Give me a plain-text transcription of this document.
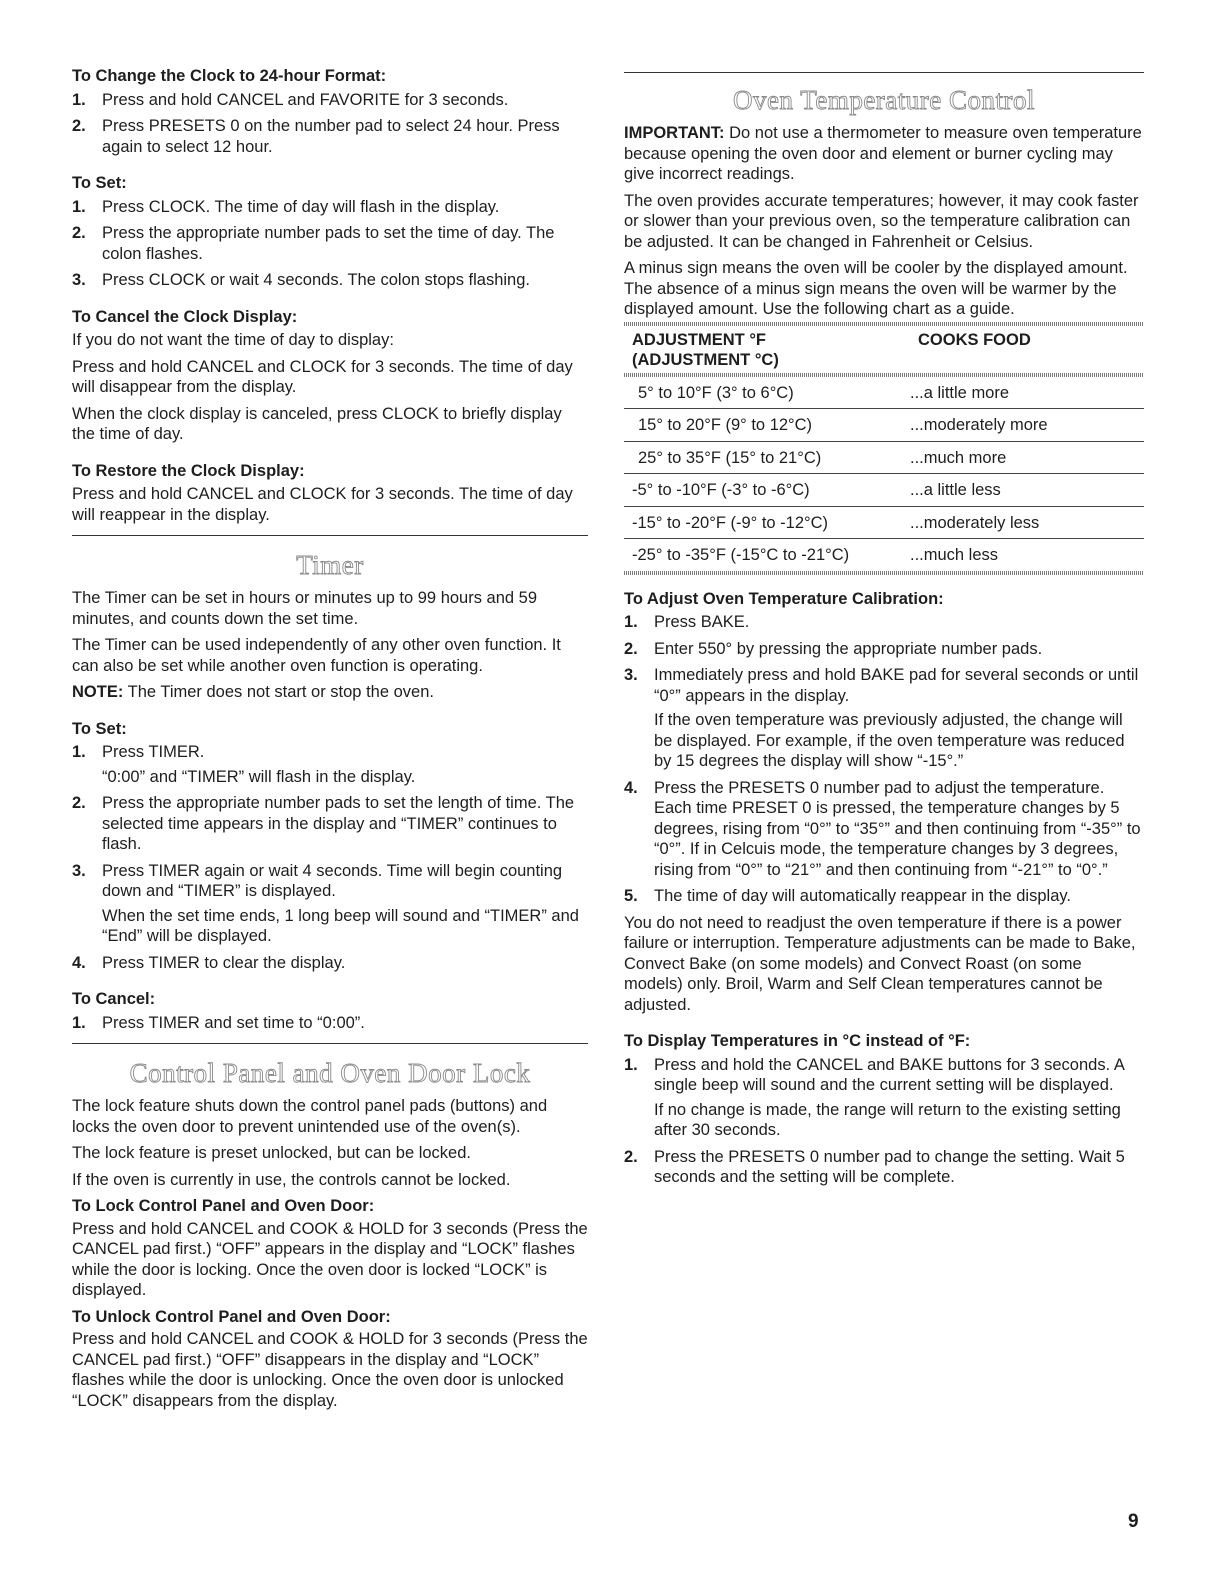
To Change the Clock to 24-hour Format:
1. Press and hold CANCEL and FAVORITE for 3 seconds.
2. Press PRESETS 0 on the number pad to select 24 hour. Press again to select 12 hour.
To Set:
1. Press CLOCK. The time of day will flash in the display.
2. Press the appropriate number pads to set the time of day. The colon flashes.
3. Press CLOCK or wait 4 seconds. The colon stops flashing.
To Cancel the Clock Display:

If you do not want the time of day to display:

Press and hold CANCEL and CLOCK for 3 seconds. The time of day will disappear from the display.

When the clock display is canceled, press CLOCK to briefly display the time of day.

To Restore the Clock Display:

Press and hold CANCEL and CLOCK for 3 seconds. The time of day will reappear in the display.

Timer

The Timer can be set in hours or minutes up to 99 hours and 59 minutes, and counts down the set time.

The Timer can be used independently of any other oven function. It can also be set while another oven function is operating.

NOTE: The Timer does not start or stop the oven.

To Set:
1. Press TIMER.
“0:00” and “TIMER” will flash in the display.
2. Press the appropriate number pads to set the length of time. The selected time appears in the display and “TIMER” continues to flash.
3. Press TIMER again or wait 4 seconds. Time will begin counting down and “TIMER” is displayed.
When the set time ends, 1 long beep will sound and “TIMER” and “End” will be displayed.
4. Press TIMER to clear the display.
To Cancel:
1. Press TIMER and set time to “0:00”.
Control Panel and Oven Door Lock

The lock feature shuts down the control panel pads (buttons) and locks the oven door to prevent unintended use of the oven(s).

The lock feature is preset unlocked, but can be locked.

If the oven is currently in use, the controls cannot be locked.

To Lock Control Panel and Oven Door:

Press and hold CANCEL and COOK & HOLD for 3 seconds (Press the CANCEL pad first.) “OFF” appears in the display and “LOCK” flashes while the door is locking. Once the oven door is locked “LOCK” is displayed.

To Unlock Control Panel and Oven Door:

Press and hold CANCEL and COOK & HOLD for 3 seconds (Press the CANCEL pad first.) “OFF” disappears in the display and “LOCK” flashes while the door is unlocking. Once the oven door is unlocked “LOCK” disappears from the display.

Oven Temperature Control

IMPORTANT: Do not use a thermometer to measure oven temperature because opening the oven door and element or burner cycling may give incorrect readings.

The oven provides accurate temperatures; however, it may cook faster or slower than your previous oven, so the temperature calibration can be adjusted. It can be changed in Fahrenheit or Celsius.

A minus sign means the oven will be cooler by the displayed amount. The absence of a minus sign means the oven will be warmer by the displayed amount. Use the following chart as a guide.

ADJUSTMENT °F
(ADJUSTMENT °C)	COOKS FOOD
5° to 10°F (3° to 6°C)	...a little more
15° to 20°F (9° to 12°C)	...moderately more
25° to 35°F (15° to 21°C)	...much more
-5° to -10°F (-3° to -6°C)	...a little less
-15° to -20°F (-9° to -12°C)	...moderately less
-25° to -35°F (-15°C to -21°C)	...much less
To Adjust Oven Temperature Calibration:
1. Press BAKE.
2. Enter 550° by pressing the appropriate number pads.
3. Immediately press and hold BAKE pad for several seconds or until “0°” appears in the display.
If the oven temperature was previously adjusted, the change will be displayed. For example, if the oven temperature was reduced by 15 degrees the display will show “-15°.”
4. Press the PRESETS 0 number pad to adjust the temperature. Each time PRESET 0 is pressed, the temperature changes by 5 degrees, rising from “0°” to “35°” and then continuing from “-35°” to “0°”. If in Celcuis mode, the temperature changes by 3 degrees, rising from “0°” to “21°” and then continuing from “-21°” to “0°.”
5. The time of day will automatically reappear in the display.

You do not need to readjust the oven temperature if there is a power failure or interruption. Temperature adjustments can be made to Bake, Convect Bake (on some models) and Convect Roast (on some models) only. Broil, Warm and Self Clean temperatures cannot be adjusted.

To Display Temperatures in °C instead of °F:
1. Press and hold the CANCEL and BAKE buttons for 3 seconds. A single beep will sound and the current setting will be displayed.
If no change is made, the range will return to the existing setting after 30 seconds.
2. Press the PRESETS 0 number pad to change the setting. Wait 5 seconds and the setting will be complete.
9
